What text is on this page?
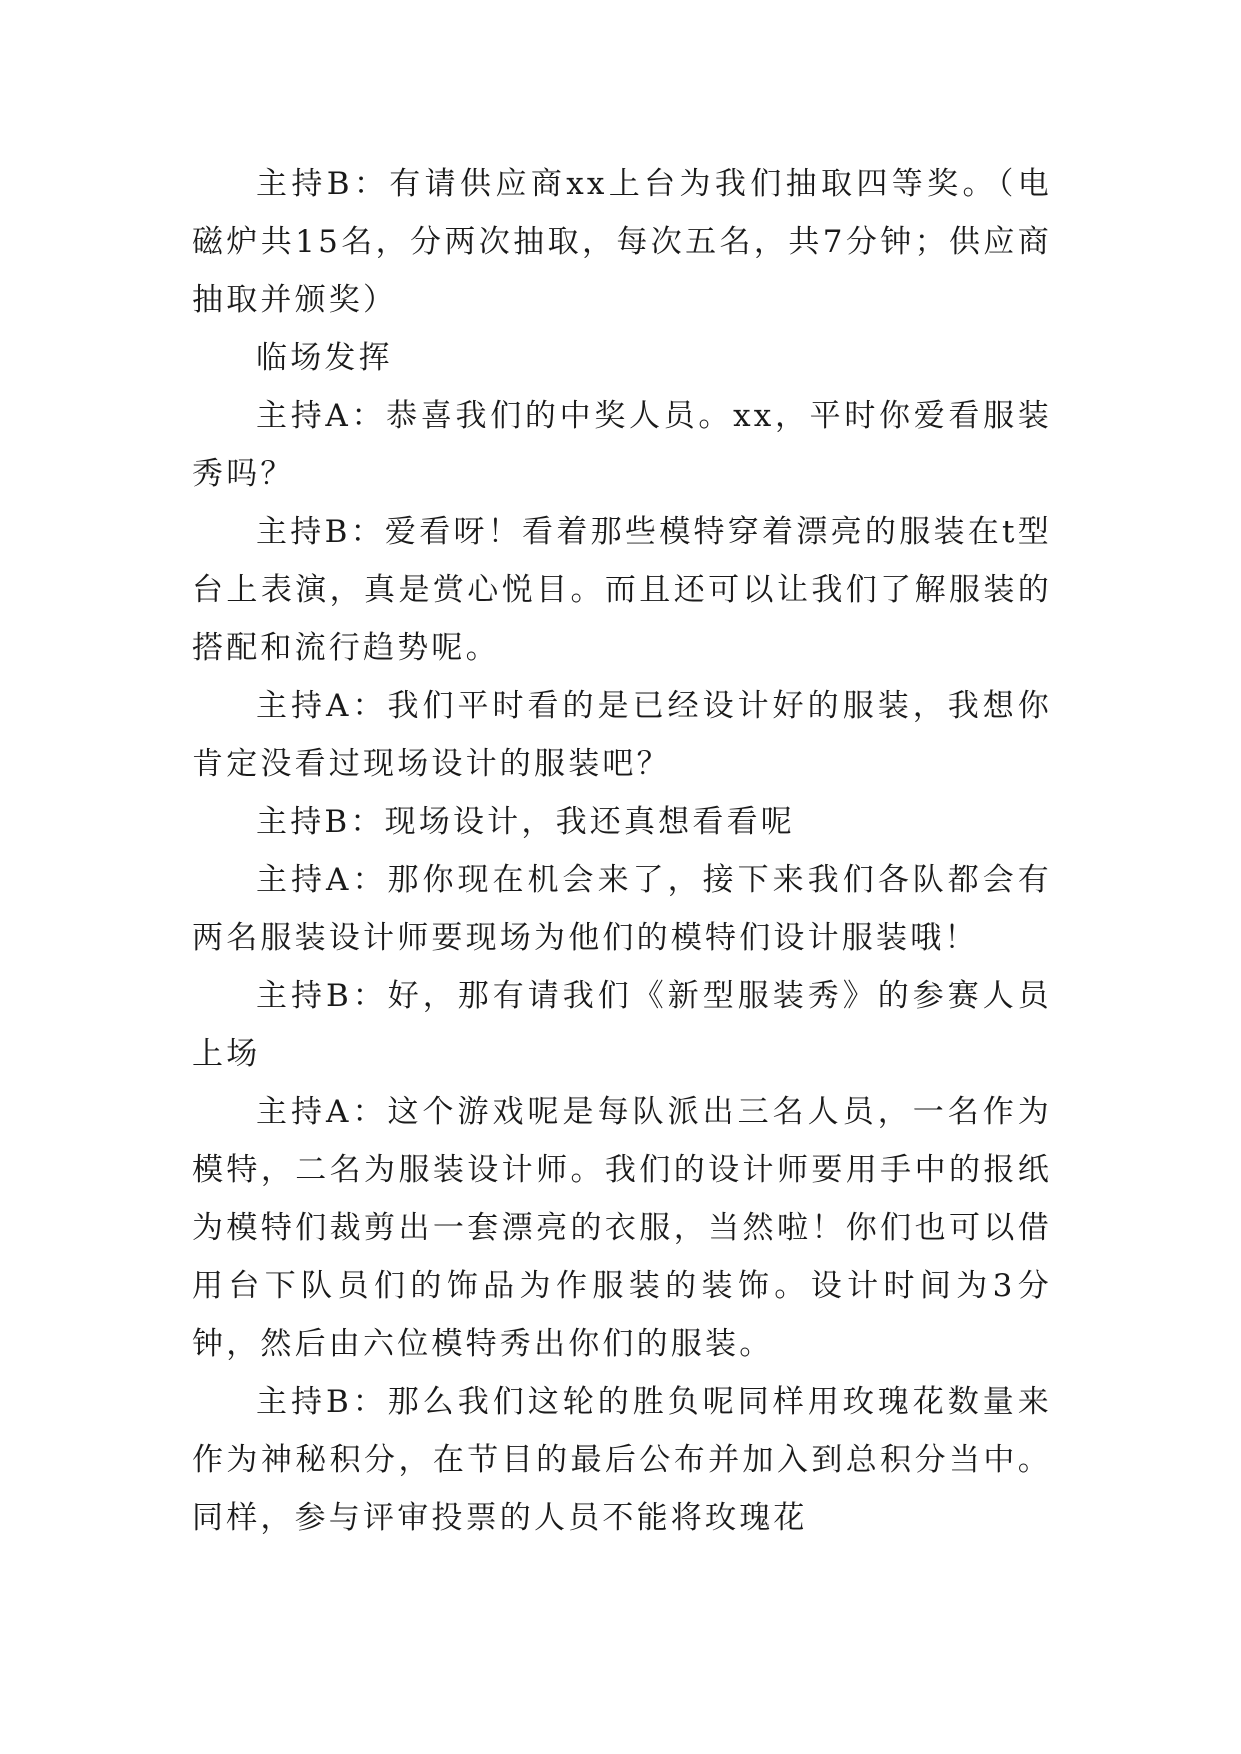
主持B：有请供应商xx上台为我们抽取四等奖。（电磁炉共15名，分两次抽取，每次五名，共7分钟；供应商抽取并颁奖）

临场发挥

主持A：恭喜我们的中奖人员。xx，平时你爱看服装秀吗？

主持B：爱看呀！看着那些模特穿着漂亮的服装在t型台上表演，真是赏心悦目。而且还可以让我们了解服装的搭配和流行趋势呢。

主持A：我们平时看的是已经设计好的服装，我想你肯定没看过现场设计的服装吧？

主持B：现场设计，我还真想看看呢

主持A：那你现在机会来了，接下来我们各队都会有两名服装设计师要现场为他们的模特们设计服装哦！

主持B：好，那有请我们《新型服装秀》的参赛人员上场

主持A：这个游戏呢是每队派出三名人员，一名作为模特，二名为服装设计师。我们的设计师要用手中的报纸为模特们裁剪出一套漂亮的衣服，当然啦！你们也可以借用台下队员们的饰品为作服装的装饰。设计时间为3分钟，然后由六位模特秀出你们的服装。

主持B：那么我们这轮的胜负呢同样用玫瑰花数量来作为神秘积分，在节目的最后公布并加入到总积分当中。同样，参与评审投票的人员不能将玫瑰花
